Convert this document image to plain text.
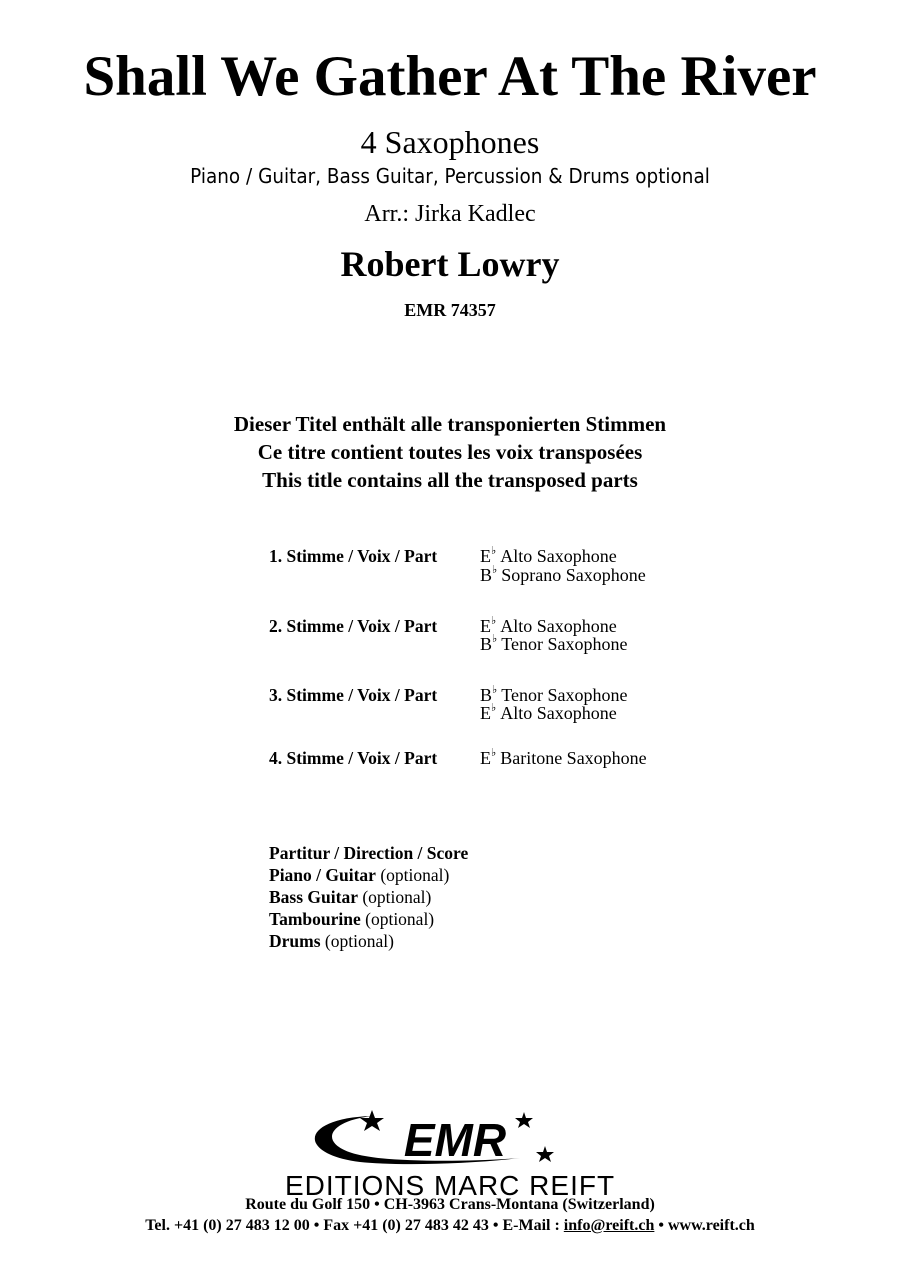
Shall We Gather At The River
4 Saxophones
Piano / Guitar, Bass Guitar, Percussion & Drums optional
Arr.: Jirka Kadlec
Robert Lowry
EMR 74357
Dieser Titel enthält alle transponierten Stimmen
Ce titre contient toutes les voix transposées
This title contains all the transposed parts
1. Stimme / Voix / Part E♭ Alto Saxophone
B♭ Soprano Saxophone
2. Stimme / Voix / Part E♭ Alto Saxophone
B♭ Tenor Saxophone
3. Stimme / Voix / Part B♭ Tenor Saxophone
E♭ Alto Saxophone
4. Stimme / Voix / Part E♭ Baritone Saxophone
Partitur / Direction / Score
Piano / Guitar (optional)
Bass Guitar (optional)
Tambourine (optional)
Drums (optional)
EMR
EDITIONS MARC REIFT
Route du Golf 150 • CH-3963 Crans-Montana (Switzerland)
Tel. +41 (0) 27 483 12 00 • Fax +41 (0) 27 483 42 43 • E-Mail : info@reift.ch • www.reift.ch
